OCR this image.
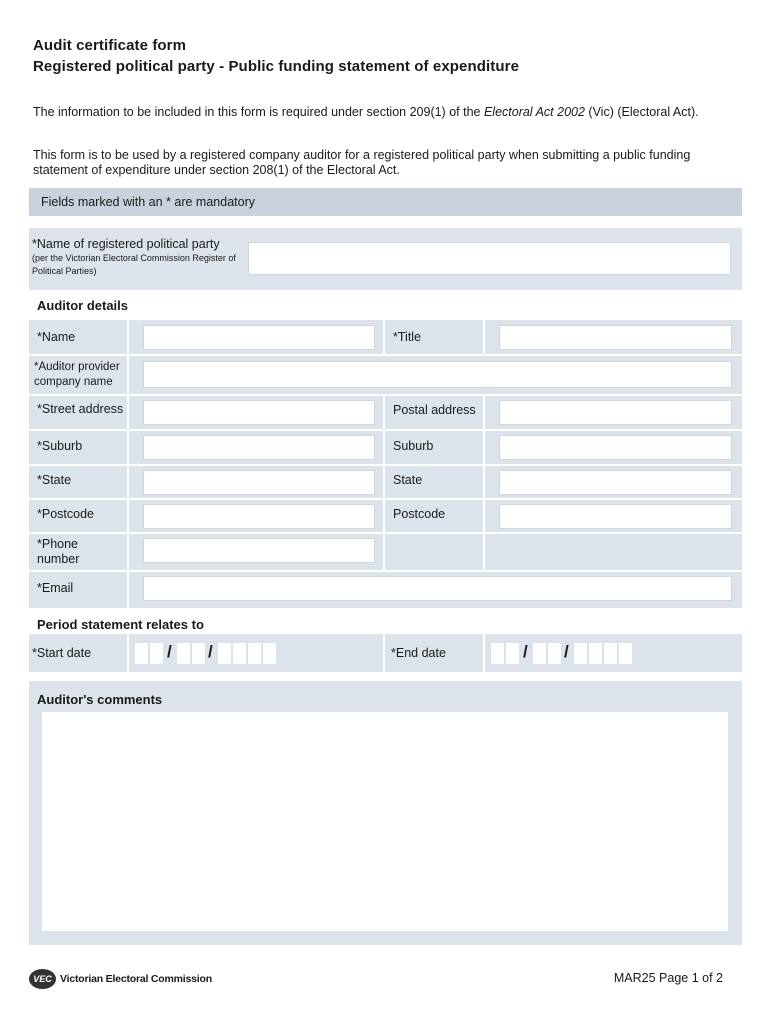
Audit certificate form
Registered political party - Public funding statement of expenditure
The information to be included in this form is required under section 209(1) of the Electoral Act 2002 (Vic) (Electoral Act).
This form is to be used by a registered company auditor for a registered political party when submitting a public funding statement of expenditure under section 208(1) of the Electoral Act.
Fields marked with an * are mandatory
*Name of registered political party
(per the Victorian Electoral Commission Register of Political Parties)
Auditor details
*Name	*Title
*Auditor provider company name
*Street address	Postal address
*Suburb	Suburb
*State	State
*Postcode	Postcode
*Phone number
*Email
Period statement relates to
*Start date	/ /	*End date	/ /
Auditor's comments
VEC Victorian Electoral Commission	MAR25 Page 1 of 2
